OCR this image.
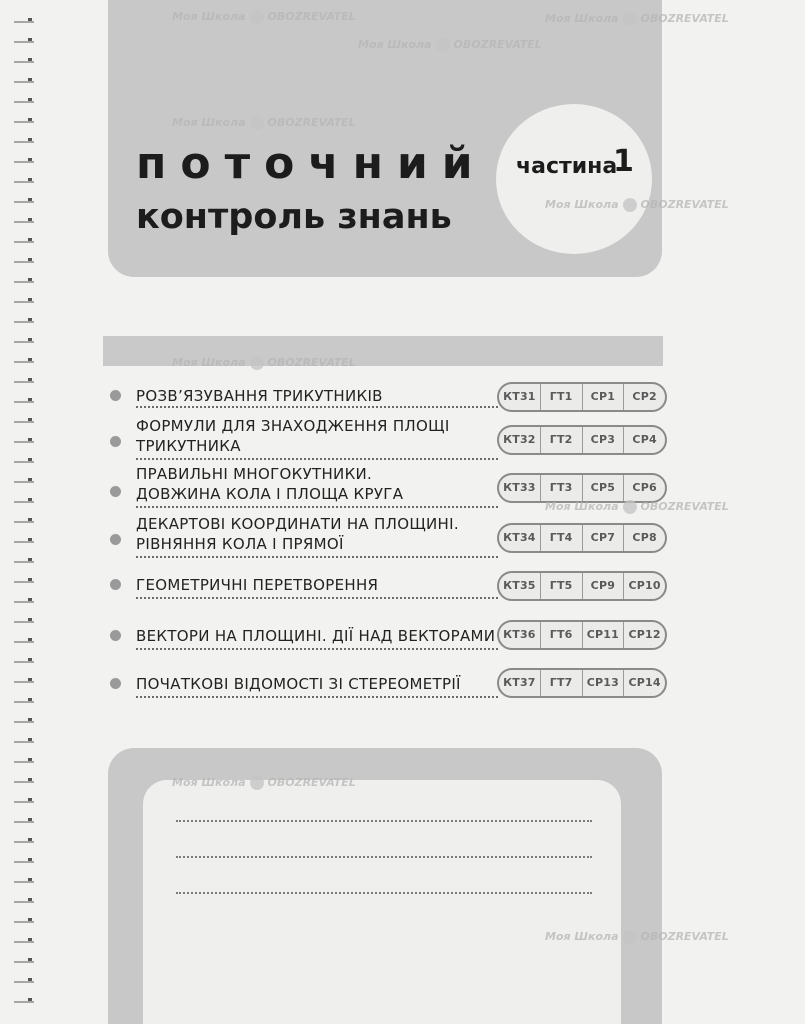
поточний
контроль знань
частина
1

РОЗВ’ЯЗУВАННЯ ТРИКУТНИКІВ	КТ31	ГТ1	СР1	СР2

ФОРМУЛИ ДЛЯ ЗНАХОДЖЕННЯ ПЛОЩІ
ТРИКУТНИКА	КТ32	ГТ2	СР3	СР4

ПРАВИЛЬНІ МНОГОКУТНИКИ.
ДОВЖИНА КОЛА І ПЛОЩА КРУГА	КТ33	ГТ3	СР5	СР6

ДЕКАРТОВІ КООРДИНАТИ НА ПЛОЩИНІ.
РІВНЯННЯ КОЛА І ПРЯМОЇ	КТ34	ГТ4	СР7	СР8

ГЕОМЕТРИЧНІ ПЕРЕТВОРЕННЯ	КТ35	ГТ5	СР9	СР10

ВЕКТОРИ НА ПЛОЩИНІ. ДІЇ НАД ВЕКТОРАМИ КТ36	ГТ6	СР11 СР12

ПОЧАТКОВІ ВІДОМОСТІ ЗІ СТЕРЕОМЕТРІЇ	КТ37	ГТ7	СР13 СР14
Моя Школа OBOZREVATEL	Моя Школа OBOZREVATEL
Моя Школа OBOZREVATEL
Моя Школа OBOZREVATEL
Моя Школа OBOZREVATEL
Моя Школа OBOZREVATEL
Моя Школа OBOZREVATEL
Моя Школа OBOZREVATEL
Моя Школа OBOZREVATEL
